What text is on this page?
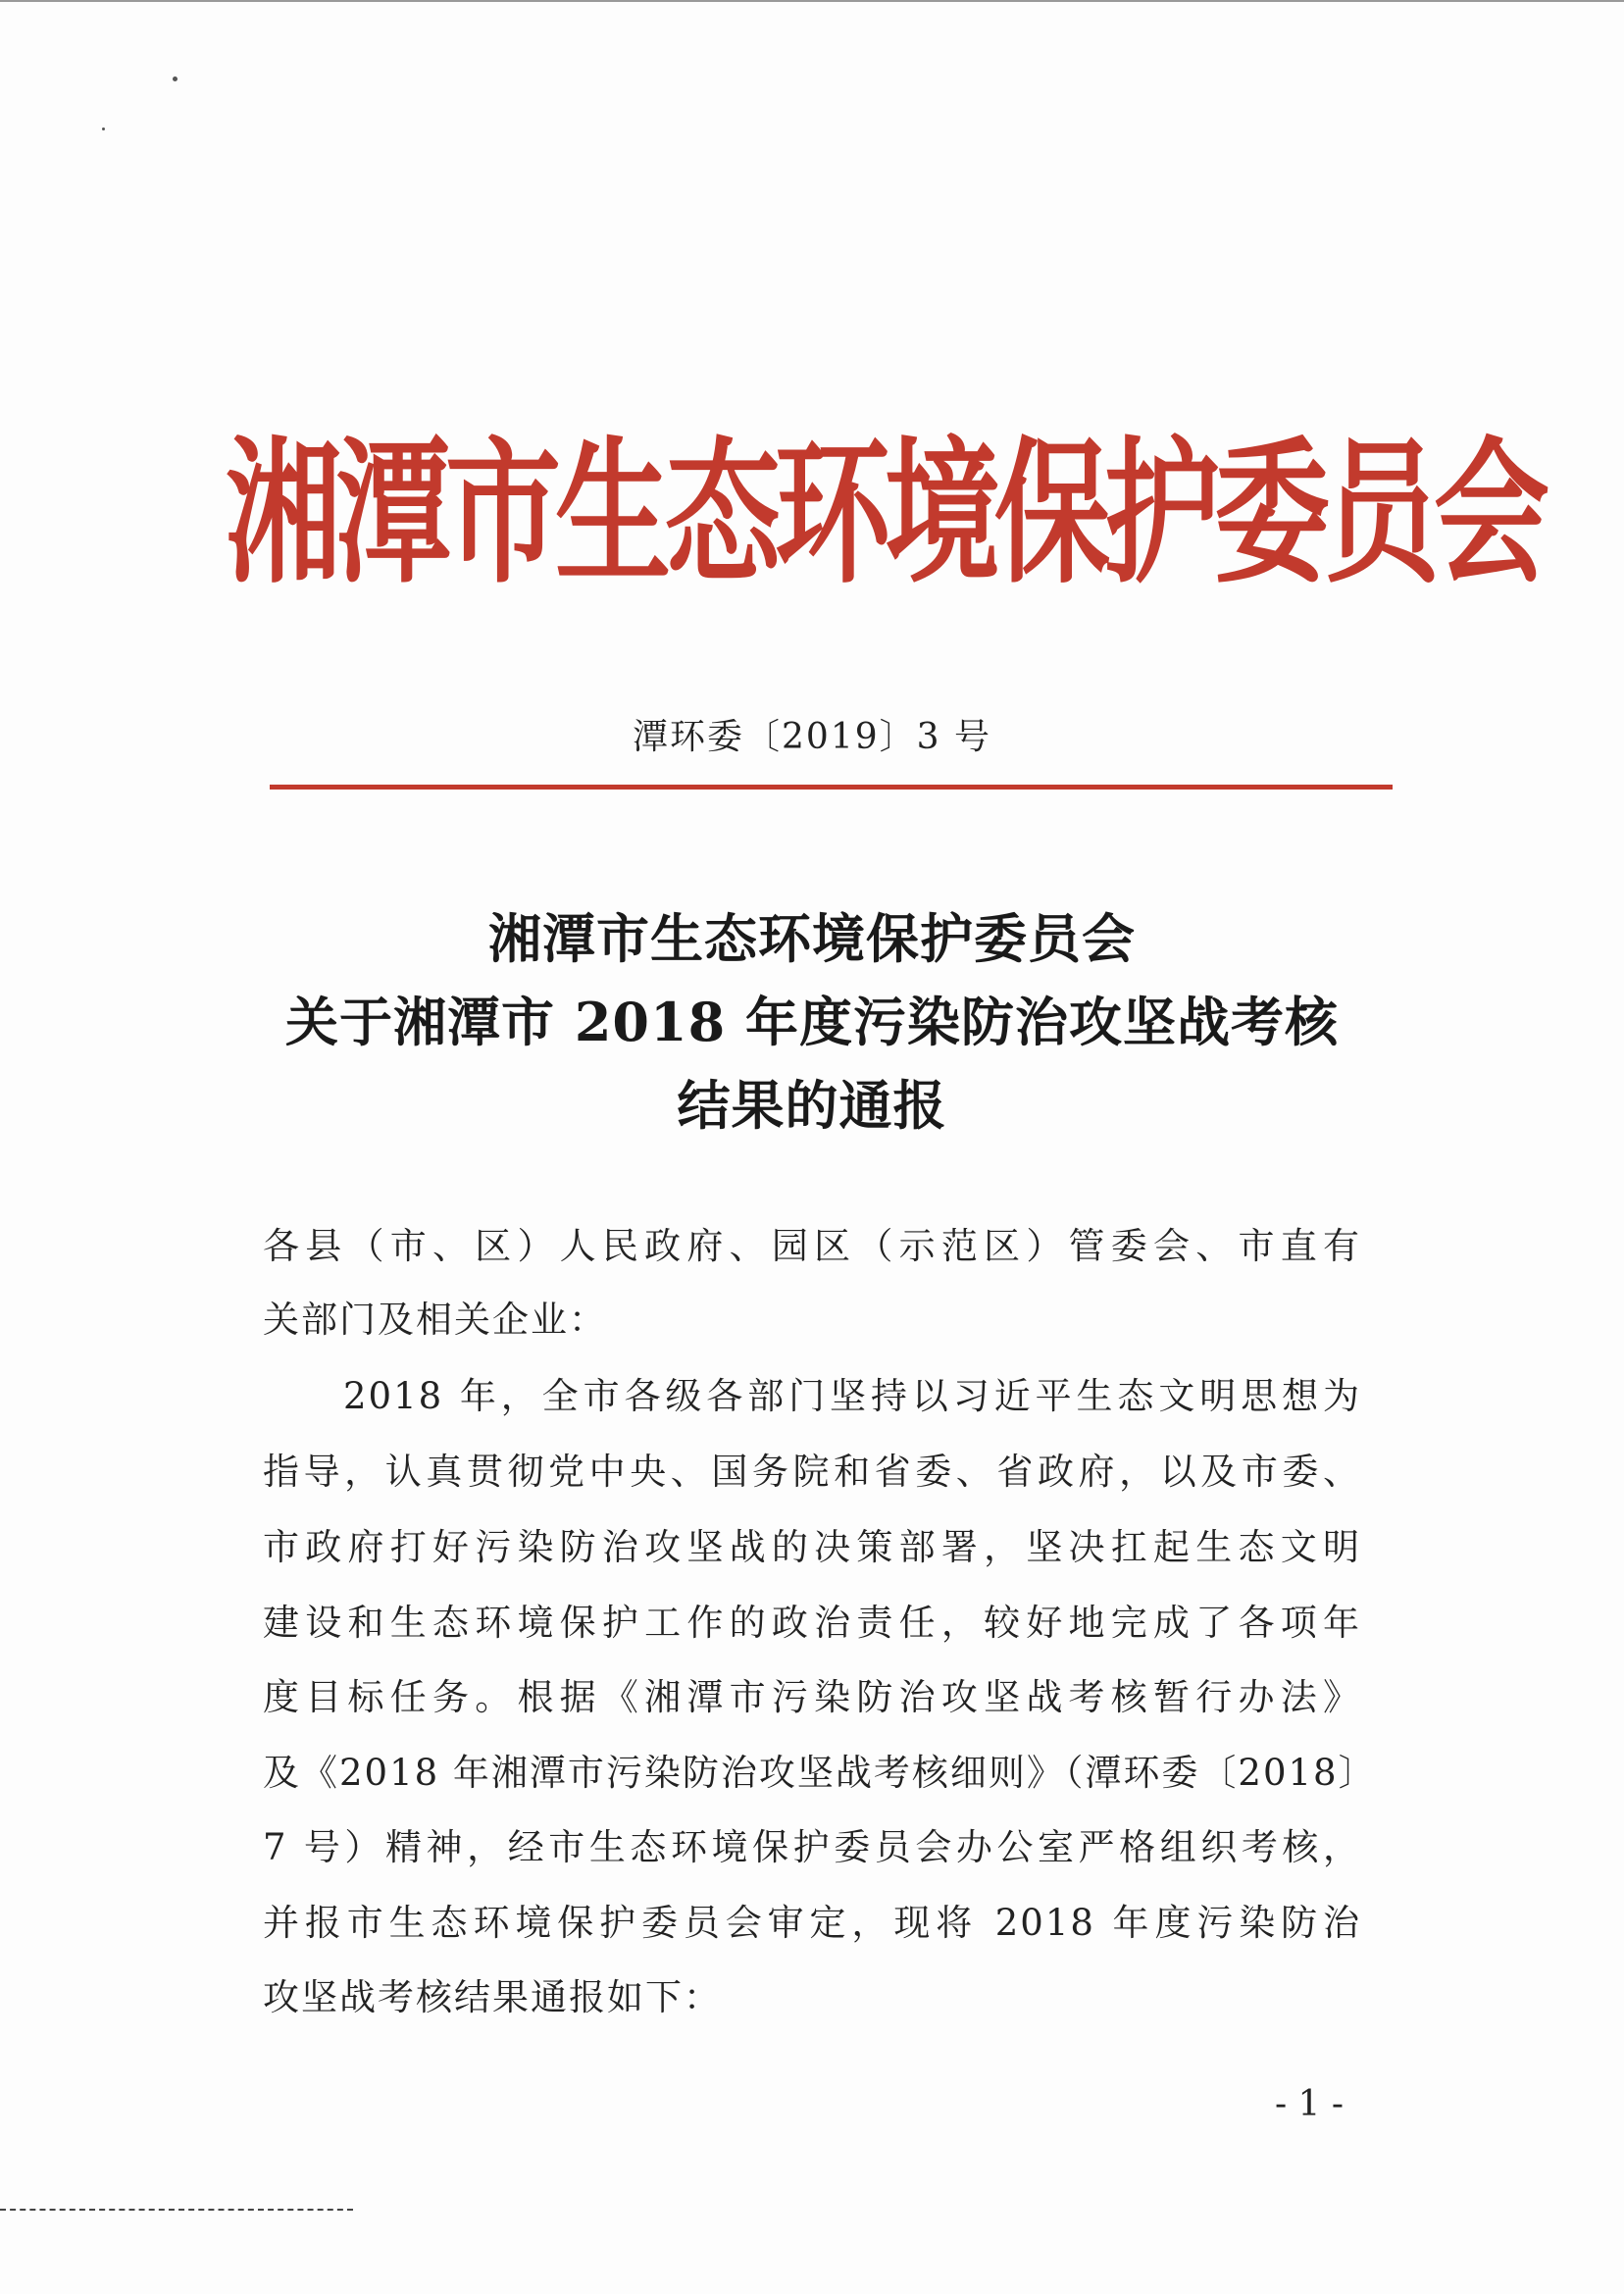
湘潭市生态环境保护委员会
潭环委〔2019〕3 号
湘潭市生态环境保护委员会
关于湘潭市 2018 年度污染防治攻坚战考核
结果的通报
各县（市、区）人民政府、园区（示范区）管委会、市直有
关部门及相关企业：
2018 年，全市各级各部门坚持以习近平生态文明思想为
指导，认真贯彻党中央、国务院和省委、省政府，以及市委、
市政府打好污染防治攻坚战的决策部署，坚决扛起生态文明
建设和生态环境保护工作的政治责任，较好地完成了各项年
度目标任务。根据《湘潭市污染防治攻坚战考核暂行办法》
及《2018 年湘潭市污染防治攻坚战考核细则》（潭环委〔2018〕
7 号）精神，经市生态环境保护委员会办公室严格组织考核，
并报市生态环境保护委员会审定，现将 2018 年度污染防治
攻坚战考核结果通报如下：
- 1 -
